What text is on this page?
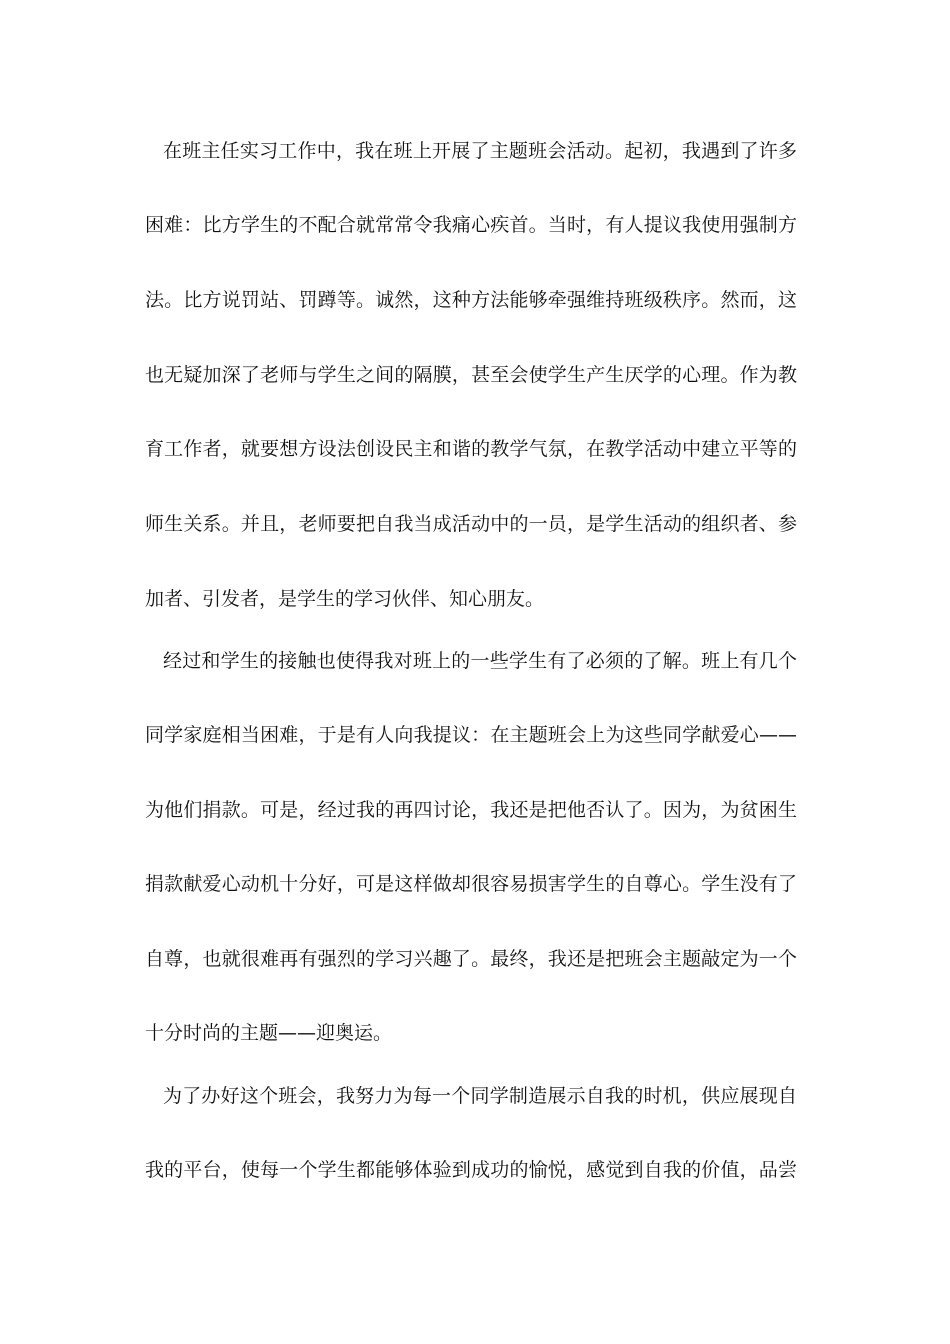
在班主任实习工作中，我在班上开展了主题班会活动。起初，我遇到了许多
困难：比方学生的不配合就常常令我痛心疾首。当时，有人提议我使用强制方
法。比方说罚站、罚蹲等。诚然，这种方法能够牵强维持班级秩序。然而，这
也无疑加深了老师与学生之间的隔膜，甚至会使学生产生厌学的心理。作为教
育工作者，就要想方设法创设民主和谐的教学气氛，在教学活动中建立平等的
师生关系。并且，老师要把自我当成活动中的一员，是学生活动的组织者、参
加者、引发者，是学生的学习伙伴、知心朋友。
经过和学生的接触也使得我对班上的一些学生有了必须的了解。班上有几个
同学家庭相当困难，于是有人向我提议：在主题班会上为这些同学献爱心——
为他们捐款。可是，经过我的再四讨论，我还是把他否认了。因为，为贫困生
捐款献爱心动机十分好，可是这样做却很容易损害学生的自尊心。学生没有了
自尊，也就很难再有强烈的学习兴趣了。最终，我还是把班会主题敲定为一个
十分时尚的主题——迎奥运。
为了办好这个班会，我努力为每一个同学制造展示自我的时机，供应展现自
我的平台，使每一个学生都能够体验到成功的愉悦，感觉到自我的价值，品尝
